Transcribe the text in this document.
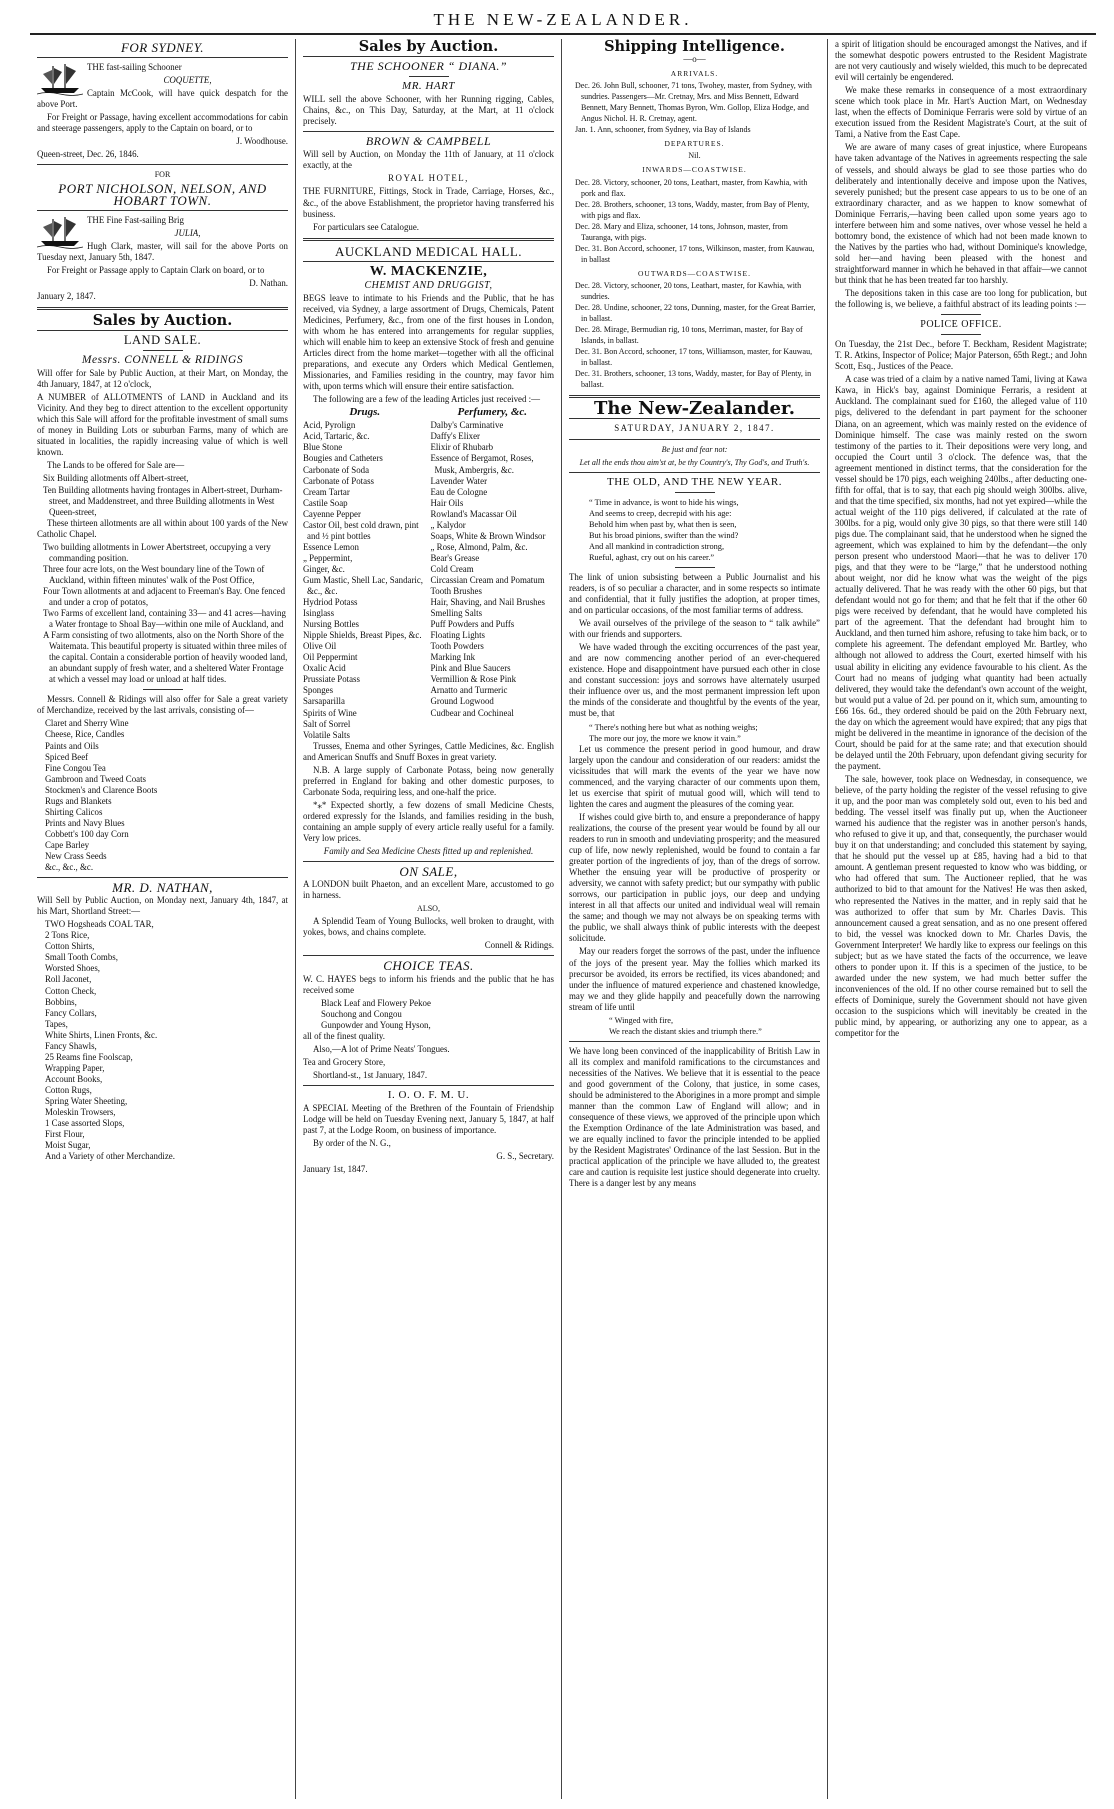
THE NEW-ZEALANDER.
FOR SYDNEY.

THE fast-sailing Schooner

COQUETTE,

Captain McCook, will have quick despatch for the above Port.

For Freight or Passage, having excellent accommodations for cabin and steerage passengers, apply to the Captain on board, or to

J. Woodhouse.

Queen-street, Dec. 26, 1846.

FOR

PORT NICHOLSON, NELSON, AND HOBART TOWN.

THE Fine Fast-sailing Brig

JULIA,

Hugh Clark, master, will sail for the above Ports on Tuesday next, January 5th, 1847.

For Freight or Passage apply to Captain Clark on board, or to

D. Nathan.

January 2, 1847.

Sales by Auction.
LAND SALE.
Messrs. CONNELL & RIDINGS

Will offer for Sale by Public Auction, at their Mart, on Monday, the 4th January, 1847, at 12 o'clock,

A NUMBER of ALLOTMENTS of LAND in Auckland and its Vicinity. And they beg to direct attention to the excellent opportunity which this Sale will afford for the profitable investment of small sums of money in Building Lots or suburban Farms, many of which are situated in localities, the rapidly increasing value of which is well known.

The Lands to be offered for Sale are—

Six Building allotments off Albert-street,
Ten Building allotments having frontages in Albert-street, Durham-street, and Maddenstreet, and three Building allotments in West Queen-street,

These thirteen allotments are all within about 100 yards of the New Catholic Chapel.

Two building allotments in Lower Abertstreet, occupying a very commanding position.
Three four acre lots, on the West boundary line of the Town of Auckland, within fifteen minutes' walk of the Post Office,
Four Town allotments at and adjacent to Freeman's Bay. One fenced and under a crop of potatos,
Two Farms of excellent land, containing 33— and 41 acres—having a Water frontage to Shoal Bay—within one mile of Auckland, and
A Farm consisting of two allotments, also on the North Shore of the Waitemata. This beautiful property is situated within three miles of the capital. Contain a considerable portion of heavily wooded land, an abundant supply of fresh water, and a sheltered Water Frontage at which a vessel may load or unload at half tides.

Messrs. Connell & Ridings will also offer for Sale a great variety of Merchandize, received by the last arrivals, consisting of—

Claret and Sherry Wine
Cheese, Rice, Candles
Paints and Oils
Spiced Beef
Fine Congou Tea
Gambroon and Tweed Coats
Stockmen's and Clarence Boots
Rugs and Blankets
Shirting Calicos
Prints and Navy Blues
Cobbett's 100 day Corn
Cape Barley
New Crass Seeds
&c., &c., &c.
MR. D. NATHAN,

Will Sell by Public Auction, on Monday next, January 4th, 1847, at his Mart, Shortland Street:—

TWO Hogsheads COAL TAR,
2 Tons Rice,
Cotton Shirts,
Small Tooth Combs,
Worsted Shoes,
Roll Jaconet,
Cotton Check,
Bobbins,
Fancy Collars,
Tapes,
White Shirts, Linen Fronts, &c.
Fancy Shawls,
25 Reams fine Foolscap,
Wrapping Paper,
Account Books,
Cotton Rugs,
Spring Water Sheeting,
Moleskin Trowsers,
1 Case assorted Slops,
First Flour,
Moist Sugar,
And a Variety of other Merchandize.
Sales by Auction.
THE SCHOONER “ DIANA.”
MR. HART

WILL sell the above Schooner, with her Running rigging, Cables, Chains, &c., on This Day, Saturday, at the Mart, at 11 o'clock precisely.

BROWN & CAMPBELL

Will sell by Auction, on Monday the 11th of January, at 11 o'clock exactly, at the

ROYAL HOTEL,

THE FURNITURE, Fittings, Stock in Trade, Carriage, Horses, &c., &c., of the above Establishment, the proprietor having transferred his business.

For particulars see Catalogue.

AUCKLAND MEDICAL HALL.
W. MACKENZIE,
CHEMIST AND DRUGGIST,

BEGS leave to intimate to his Friends and the Public, that he has received, via Sydney, a large assortment of Drugs, Chemicals, Patent Medicines, Perfumery, &c., from one of the first houses in London, with whom he has entered into arrangements for regular supplies, which will enable him to keep an extensive Stock of fresh and genuine Articles direct from the home market—together with all the officinal preparations, and execute any Orders which Medical Gentlemen, Missionaries, and Families residing in the country, may favor him with, upon terms which will ensure their entire satisfaction.

The following are a few of the leading Articles just received :—

Drugs.

Acid, Pyrolign
Acid, Tartaric, &c.
Blue Stone
Bougies and Catheters
Carbonate of Soda
Carbonate of Potass
Cream Tartar
Castile Soap
Cayenne Pepper
Castor Oil, best cold drawn, pint and ½ pint bottles
Essence Lemon
„ Peppermint,
Ginger, &c.
Gum Mastic, Shell Lac, Sandaric, &c., &c.
Hydriod Potass
Isinglass
Nursing Bottles
Nipple Shields, Breast Pipes, &c.
Olive Oil
Oil Peppermint
Oxalic Acid
Prussiate Potass
Sponges
Sarsaparilla
Spirits of Wine
Salt of Sorrel
Volatile Salts

Perfumery, &c.

Dalby's Carminative
Daffy's Elixer
Elixir of Rhubarb
Essence of Bergamot, Roses, Musk, Ambergris, &c.
Lavender Water
Eau de Cologne
Hair Oils
Rowland's Macassar Oil
„ Kalydor
Soaps, White & Brown Windsor
„ Rose, Almond, Palm, &c.
Bear's Grease
Cold Cream
Circassian Cream and Pomatum
Tooth Brushes
Hair, Shaving, and Nail Brushes
Smelling Salts
Puff Powders and Puffs
Floating Lights
Tooth Powders
Marking Ink
Pink and Blue Saucers
Vermillion & Rose Pink
Arnatto and Turmeric
Ground Logwood
Cudbear and Cochineal

Trusses, Enema and other Syringes, Cattle Medicines, &c. English and American Snuffs and Snuff Boxes in great variety.

N.B. A large supply of Carbonate Potass, being now generally preferred in England for baking and other domestic purposes, to Carbonate Soda, requiring less, and one-half the price.

*⁎* Expected shortly, a few dozens of small Medicine Chests, ordered expressly for the Islands, and families residing in the bush, containing an ample supply of every article really useful for a family. Very low prices.

Family and Sea Medicine Chests fitted up and replenished.

ON SALE,

A LONDON built Phaeton, and an excellent Mare, accustomed to go in harness.

ALSO,

A Splendid Team of Young Bullocks, well broken to draught, with yokes, bows, and chains complete.

Connell & Ridings.

CHOICE TEAS.

W. C. HAYES begs to inform his friends and the public that he has received some

Black Leaf and Flowery Pekoe
Souchong and Congou
Gunpowder and Young Hyson,

all of the finest quality.

Also,—A lot of Prime Neats' Tongues.

Tea and Grocery Store,

Shortland-st., 1st January, 1847.

I. O. O. F. M. U.

A SPECIAL Meeting of the Brethren of the Fountain of Friendship Lodge will be held on Tuesday Evening next, January 5, 1847, at half past 7, at the Lodge Room, on business of importance.

By order of the N. G.,

G. S., Secretary.

January 1st, 1847.

Shipping Intelligence.

—o—

ARRIVALS.

Dec. 26. John Bull, schooner, 71 tons, Twohey, master, from Sydney, with sundries. Passengers—Mr. Cretnay, Mrs. and Miss Bennett, Edward Bennett, Mary Bennett, Thomas Byron, Wm. Gollop, Eliza Hodge, and Angus Nichol. H. R. Cretnay, agent.
Jan. 1. Ann, schooner, from Sydney, via Bay of Islands

DEPARTURES.

Nil.

INWARDS—COASTWISE.

Dec. 28. Victory, schooner, 20 tons, Leathart, master, from Kawhia, with pork and flax.
Dec. 28. Brothers, schooner, 13 tons, Waddy, master, from Bay of Plenty, with pigs and flax.
Dec. 28. Mary and Eliza, schooner, 14 tons, Johnson, master, from Tauranga, with pigs.
Dec. 31. Bon Accord, schooner, 17 tons, Wilkinson, master, from Kauwau, in ballast

OUTWARDS—COASTWISE.

Dec. 28. Victory, schooner, 20 tons, Leathart, master, for Kawhia, with sundries.
Dec. 28. Undine, schooner, 22 tons, Dunning, master, for the Great Barrier, in ballast.
Dec. 28. Mirage, Bermudian rig, 10 tons, Merriman, master, for Bay of Islands, in ballast.
Dec. 31. Bon Accord, schooner, 17 tons, Williamson, master, for Kauwau, in ballast.
Dec. 31. Brothers, schooner, 13 tons, Waddy, master, for Bay of Plenty, in ballast.
The New-Zealander.

SATURDAY, JANUARY 2, 1847.

Be just and fear not:

Let all the ends thou aim'st at, be thy Country's, Thy God's, and Truth's.

THE OLD, AND THE NEW YEAR.
“ Time in advance, is wont to hide his wings,
And seems to creep, decrepid with his age:
Behold him when past by, what then is seen,
But his broad pinions, swifter than the wind?
And all mankind in contradiction strong,
Rueful, aghast, cry out on his career.”

The link of union subsisting between a Public Journalist and his readers, is of so peculiar a character, and in some respects so intimate and confidential, that it fully justifies the adoption, at proper times, and on particular occasions, of the most familiar terms of address.

We avail ourselves of the privilege of the season to “ talk awhile” with our friends and supporters.

We have waded through the exciting occurrences of the past year, and are now commencing another period of an ever-chequered existence. Hope and disappointment have pursued each other in close and constant succession: joys and sorrows have alternately usurped their influence over us, and the most permanent impression left upon the minds of the considerate and thoughtful by the events of the year, must be, that

“ There's nothing here but what as nothing weighs;
The more our joy, the more we know it vain.”

Let us commence the present period in good humour, and draw largely upon the candour and consideration of our readers: amidst the vicissitudes that will mark the events of the year we have now commenced, and the varying character of our comments upon them, let us exercise that spirit of mutual good will, which will tend to lighten the cares and augment the pleasures of the coming year.

If wishes could give birth to, and ensure a preponderance of happy realizations, the course of the present year would be found by all our readers to run in smooth and undeviating prosperity; and the measured cup of life, now newly replenished, would be found to contain a far greater portion of the ingredients of joy, than of the dregs of sorrow. Whether the ensuing year will be productive of prosperity or adversity, we cannot with safety predict; but our sympathy with public sorrows, our participation in public joys, our deep and undying interest in all that affects our united and individual weal will remain the same; and though we may not always be on speaking terms with the public, we shall always think of public interests with the deepest solicitude.

May our readers forget the sorrows of the past, under the influence of the joys of the present year. May the follies which marked its precursor be avoided, its errors be rectified, its vices abandoned; and under the influence of matured experience and chastened knowledge, may we and they glide happily and peacefully down the narrowing stream of life until

“ Winged with fire,
We reach the distant skies and triumph there.”

We have long been convinced of the inapplicability of British Law in all its complex and manifold ramifications to the circumstances and necessities of the Natives. We believe that it is essential to the peace and good government of the Colony, that justice, in some cases, should be administered to the Aborigines in a more prompt and simple manner than the common Law of England will allow; and in consequence of these views, we approved of the principle upon which the Exemption Ordinance of the late Administration was based, and we are equally inclined to favor the principle intended to be applied by the Resident Magistrates' Ordinance of the last Session. But in the practical application of the principle we have alluded to, the greatest care and caution is requisite lest justice should degenerate into cruelty. There is a danger lest by any means

a spirit of litigation should be encouraged amongst the Natives, and if the somewhat despotic powers entrusted to the Resident Magistrate are not very cautiously and wisely wielded, this much to be deprecated evil will certainly be engendered.

We make these remarks in consequence of a most extraordinary scene which took place in Mr. Hart's Auction Mart, on Wednesday last, when the effects of Dominique Ferraris were sold by virtue of an execution issued from the Resident Magistrate's Court, at the suit of Tami, a Native from the East Cape.

We are aware of many cases of great injustice, where Europeans have taken advantage of the Natives in agreements respecting the sale of vessels, and should always be glad to see those parties who do deliberately and intentionally deceive and impose upon the Natives, severely punished; but the present case appears to us to be one of an extraordinary character, and as we happen to know somewhat of Dominique Ferraris,—having been called upon some years ago to interfere between him and some natives, over whose vessel he held a bottomry bond, the existence of which had not been made known to the Natives by the parties who had, without Dominique's knowledge, sold her—and having been pleased with the honest and straightforward manner in which he behaved in that affair—we cannot but think that he has been treated far too harshly.

The depositions taken in this case are too long for publication, but the following is, we believe, a faithful abstract of its leading points :—

POLICE OFFICE.

On Tuesday, the 21st Dec., before T. Beckham, Resident Magistrate; T. R. Atkins, Inspector of Police; Major Paterson, 65th Regt.; and John Scott, Esq., Justices of the Peace.

A case was tried of a claim by a native named Tami, living at Kawa Kawa, in Hick's bay, against Dominique Ferraris, a resident at Auckland. The complainant sued for £160, the alleged value of 110 pigs, delivered to the defendant in part payment for the schooner Diana, on an agreement, which was mainly rested on the evidence of Dominique himself. The case was mainly rested on the sworn testimony of the parties to it. Their depositions were very long, and occupied the Court until 3 o'clock. The defence was, that the agreement mentioned in distinct terms, that the consideration for the vessel should be 170 pigs, each weighing 240lbs., after deducting one-fifth for offal, that is to say, that each pig should weigh 300lbs. alive, and that the time specified, six months, had not yet expired—while the actual weight of the 110 pigs delivered, if calculated at the rate of 300lbs. for a pig, would only give 30 pigs, so that there were still 140 pigs due. The complainant said, that he understood when he signed the agreement, which was explained to him by the defendant—the only person present who understood Maori—that he was to deliver 170 pigs, and that they were to be “large,” that he understood nothing about weight, nor did he know what was the weight of the pigs actually delivered. That he was ready with the other 60 pigs, but that defendant would not go for them; and that he felt that if the other 60 pigs were received by defendant, that he would have completed his part of the agreement. That the defendant had brought him to Auckland, and then turned him ashore, refusing to take him back, or to complete his agreement. The defendant employed Mr. Bartley, who although not allowed to address the Court, exerted himself with his usual ability in eliciting any evidence favourable to his client. As the Court had no means of judging what quantity had been actually delivered, they would take the defendant's own account of the weight, but would put a value of 2d. per pound on it, which sum, amounting to £66 16s. 6d., they ordered should be paid on the 20th February next, the day on which the agreement would have expired; that any pigs that might be delivered in the meantime in ignorance of the decision of the Court, should be paid for at the same rate; and that execution should be delayed until the 20th February, upon defendant giving security for the payment.

The sale, however, took place on Wednesday, in consequence, we believe, of the party holding the register of the vessel refusing to give it up, and the poor man was completely sold out, even to his bed and bedding. The vessel itself was finally put up, when the Auctioneer warned his audience that the register was in another person's hands, who refused to give it up, and that, consequently, the purchaser would buy it on that understanding; and concluded this statement by saying, that he should put the vessel up at £85, having had a bid to that amount. A gentleman present requested to know who was bidding, or who had offered that sum. The Auctioneer replied, that he was authorized to bid to that amount for the Natives! He was then asked, who represented the Natives in the matter, and in reply said that he was authorized to offer that sum by Mr. Charles Davis. This announcement caused a great sensation, and as no one present offered to bid, the vessel was knocked down to Mr. Charles Davis, the Government Interpreter! We hardly like to express our feelings on this subject; but as we have stated the facts of the occurrence, we leave others to ponder upon it. If this is a specimen of the justice, to be awarded under the new system, we had much better suffer the inconveniences of the old. If no other course remained but to sell the effects of Dominique, surely the Government should not have given occasion to the suspicions which will inevitably be created in the public mind, by appearing, or authorizing any one to appear, as a competitor for the
